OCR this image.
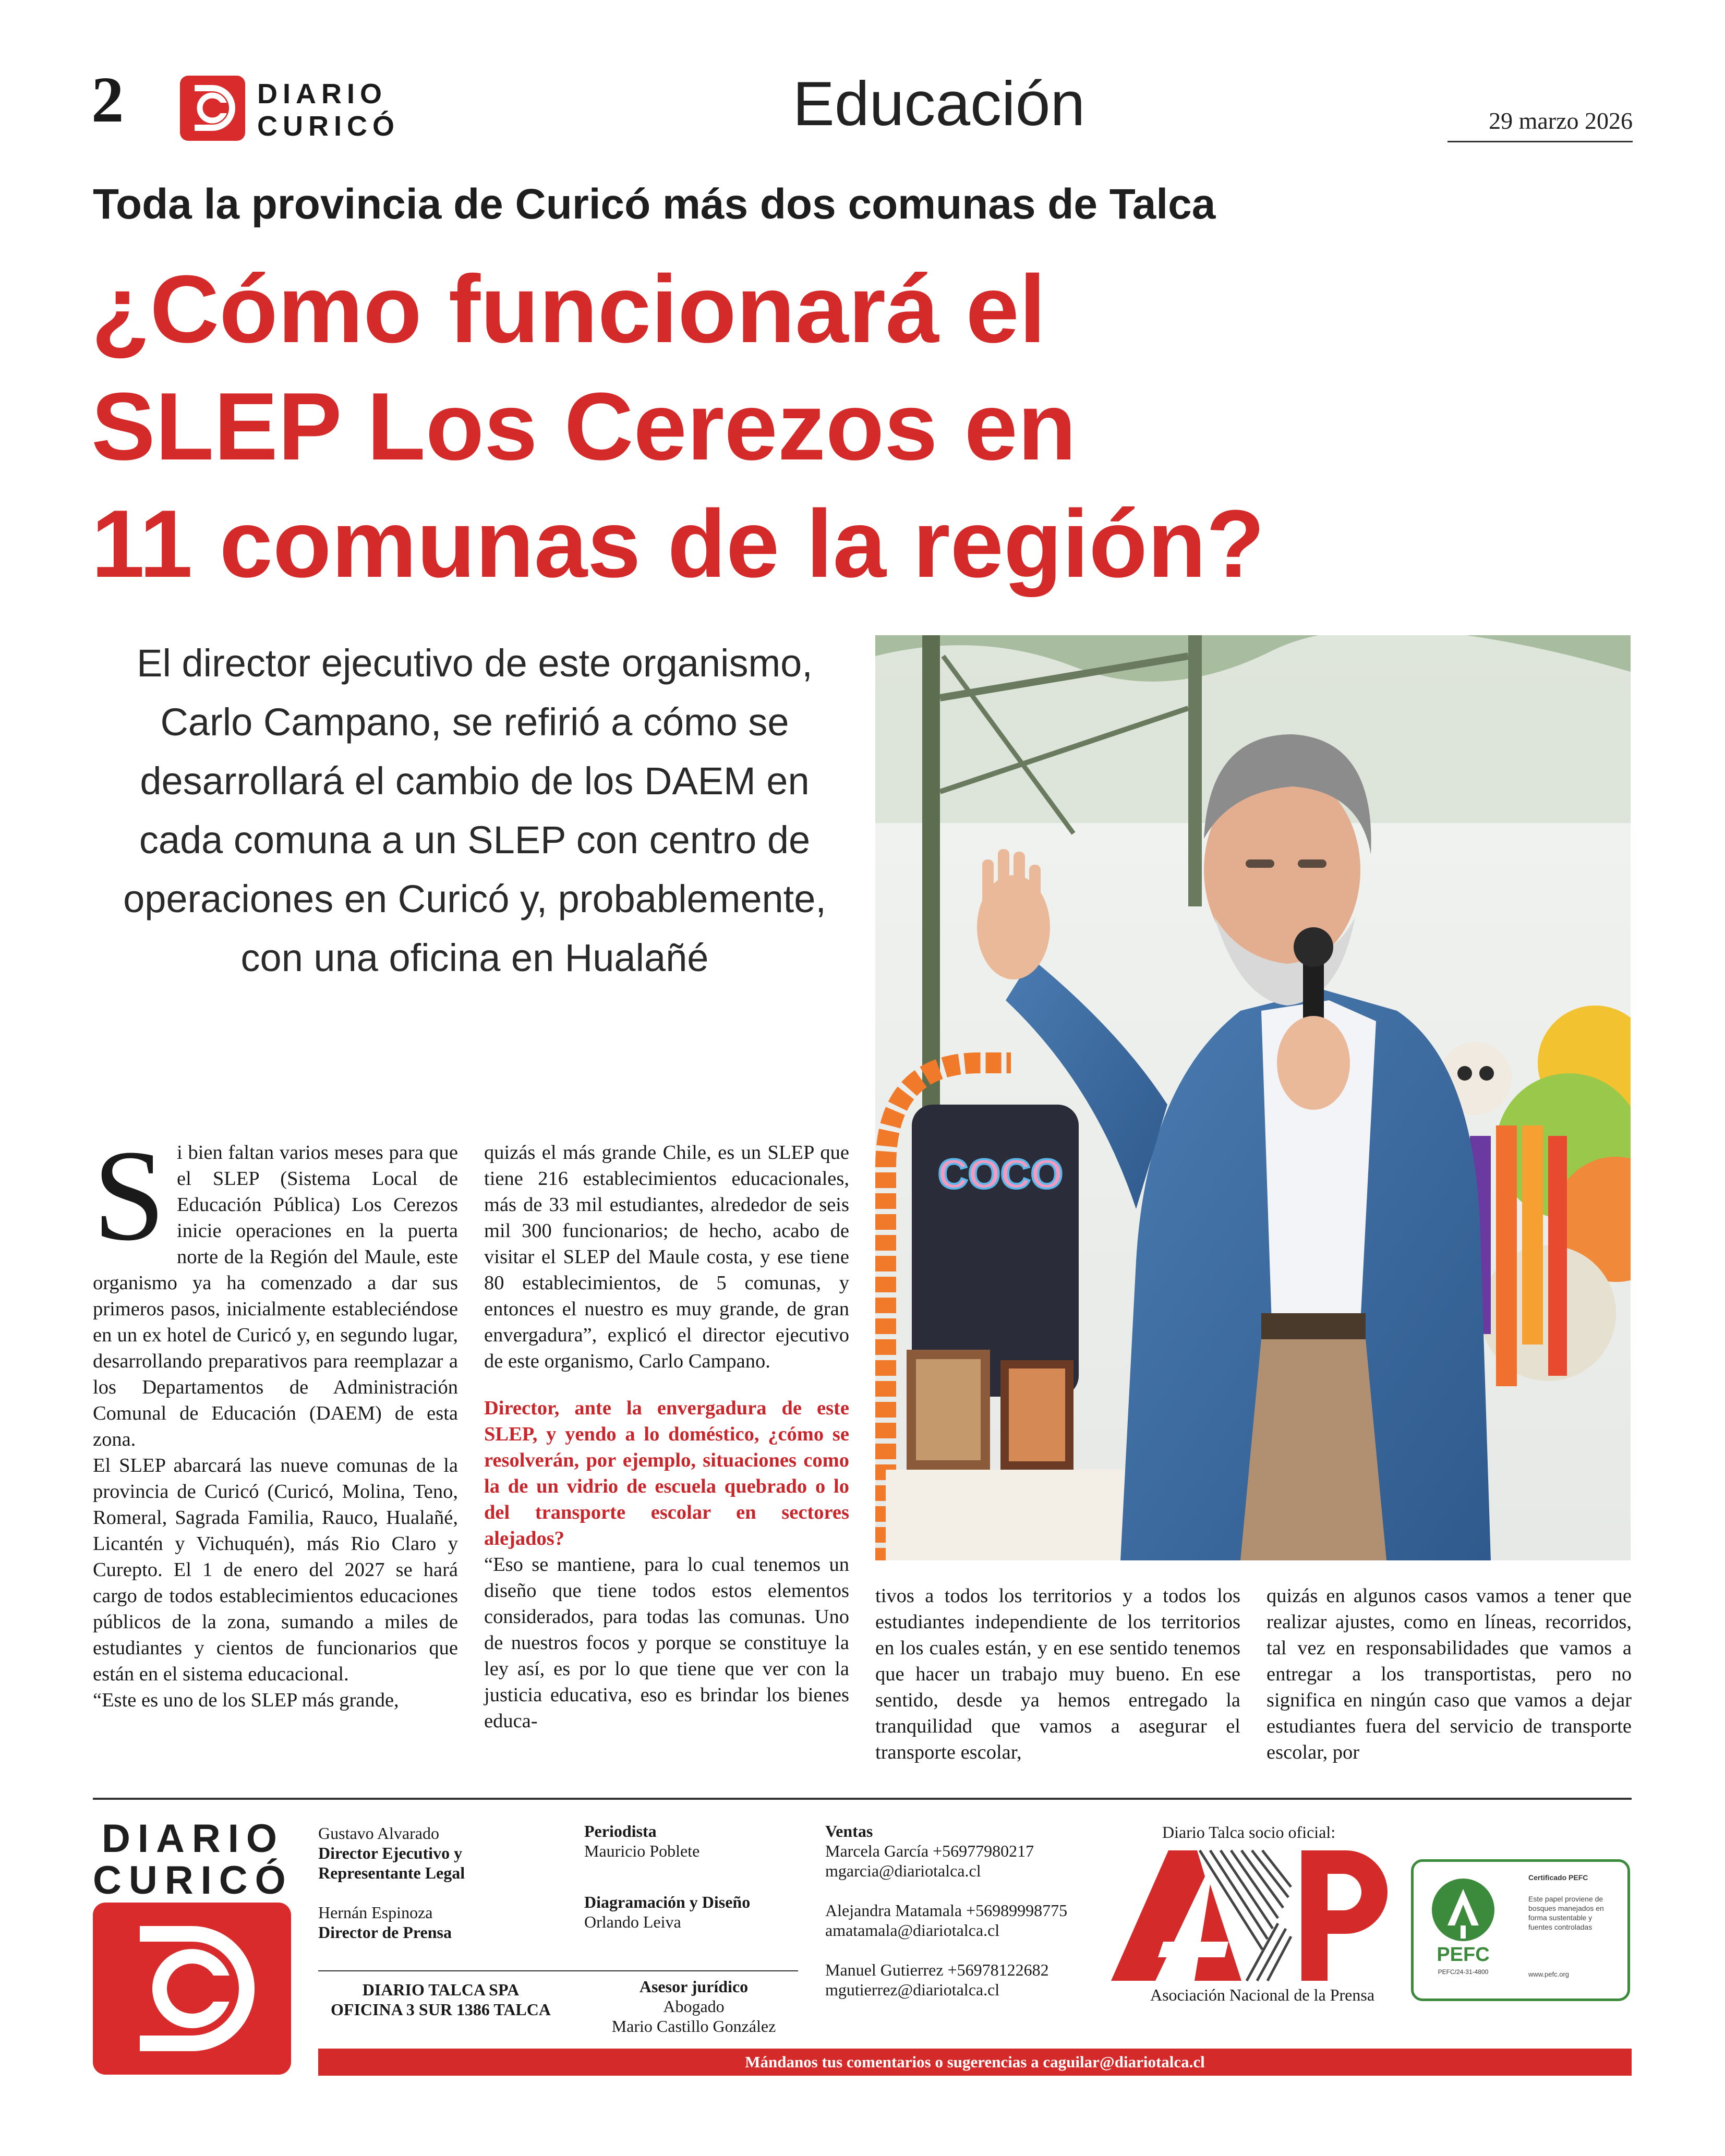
2	DIARIO
CURICÓ	Educación	29 marzo 2026
Toda la provincia de Curicó más dos comunas de Talca
¿Cómo funcionará el
SLEP Los Cerezos en
11 comunas de la región?
El director ejecutivo de este organismo, Carlo Campano, se refirió a cómo se desarrollará el cambio de los DAEM en cada comuna a un SLEP con centro de operaciones en Curicó y, probablemente, con una oficina en Hualañé
COCO
S i bien faltan varios meses para que el SLEP (Sistema Local de Educación Pública) Los Cerezos inicie operaciones en la puerta norte de la Región del Maule, este organismo ya ha comenzado a dar sus primeros pasos, inicialmente estableciéndose en un ex hotel de Curicó y, en segundo lugar, desarrollando preparativos para reemplazar a los Departamentos de Administración Comunal de Educación (DAEM) de esta zona.

El SLEP abarcará las nueve comunas de la provincia de Curicó (Curicó, Molina, Teno, Romeral, Sagrada Familia, Rauco, Hualañé, Licantén y Vichuquén), más Rio Claro y Curepto. El 1 de enero del 2027 se hará cargo de todos establecimientos educaciones públicos de la zona, sumando a miles de estudiantes y cientos de funcionarios que están en el sistema educacional.

“Este es uno de los SLEP más grande,

quizás el más grande Chile, es un SLEP que tiene 216 establecimientos educacionales, más de 33 mil estudiantes, alrededor de seis mil 300 funcionarios; de hecho, acabo de visitar el SLEP del Maule costa, y ese tiene 80 establecimientos, de 5 comunas, y entonces el nuestro es muy grande, de gran envergadura”, explicó el director ejecutivo de este organismo, Carlo Campano.

Director, ante la envergadura de este SLEP, y yendo a lo doméstico, ¿cómo se resolverán, por ejemplo, situaciones como la de un vidrio de escuela quebrado o lo del transporte escolar en sectores alejados?

“Eso se mantiene, para lo cual tenemos un diseño que tiene todos estos elementos considerados, para todas las comunas. Uno de nuestros focos y porque se constituye la ley así, es por lo que tiene que ver con la justicia educativa, eso es brindar los bienes educa-

tivos a todos los territorios y a todos los estudiantes independiente de los territorios en los cuales están, y en ese sentido tenemos que hacer un trabajo muy bueno. En ese sentido, desde ya hemos entregado la tranquilidad que vamos a asegurar el transporte escolar,

quizás en algunos casos vamos a tener que realizar ajustes, como en líneas, recorridos, tal vez en responsabilidades que vamos a entregar a los transportistas, pero no significa en ningún caso que vamos a dejar estudiantes fuera del servicio de transporte escolar, por

DIARIO
CURICÓ
Gustavo Alvarado
Director Ejecutivo y Representante Legal
Hernán Espinoza
Director de Prensa
DIARIO TALCA SPA
OFICINA 3 SUR 1386 TALCA
Periodista
Mauricio Poblete
Diagramación y Diseño
Orlando Leiva
Asesor jurídico
Abogado
Mario Castillo González
Ventas
Marcela García +56977980217
mgarcia@diariotalca.cl
Alejandra Matamala +56989998775
amatamala@diariotalca.cl
Manuel Gutierrez +56978122682
mgutierrez@diariotalca.cl
Diario Talca socio oficial:
Asociación Nacional de la Prensa
PEFC
PEFC/24-31-4800
Certificado PEFC
Este papel proviene de bosques manejados en forma sustentable y fuentes controladas
www.pefc.org
Mándanos tus comentarios o sugerencias a caguilar@diariotalca.cl
